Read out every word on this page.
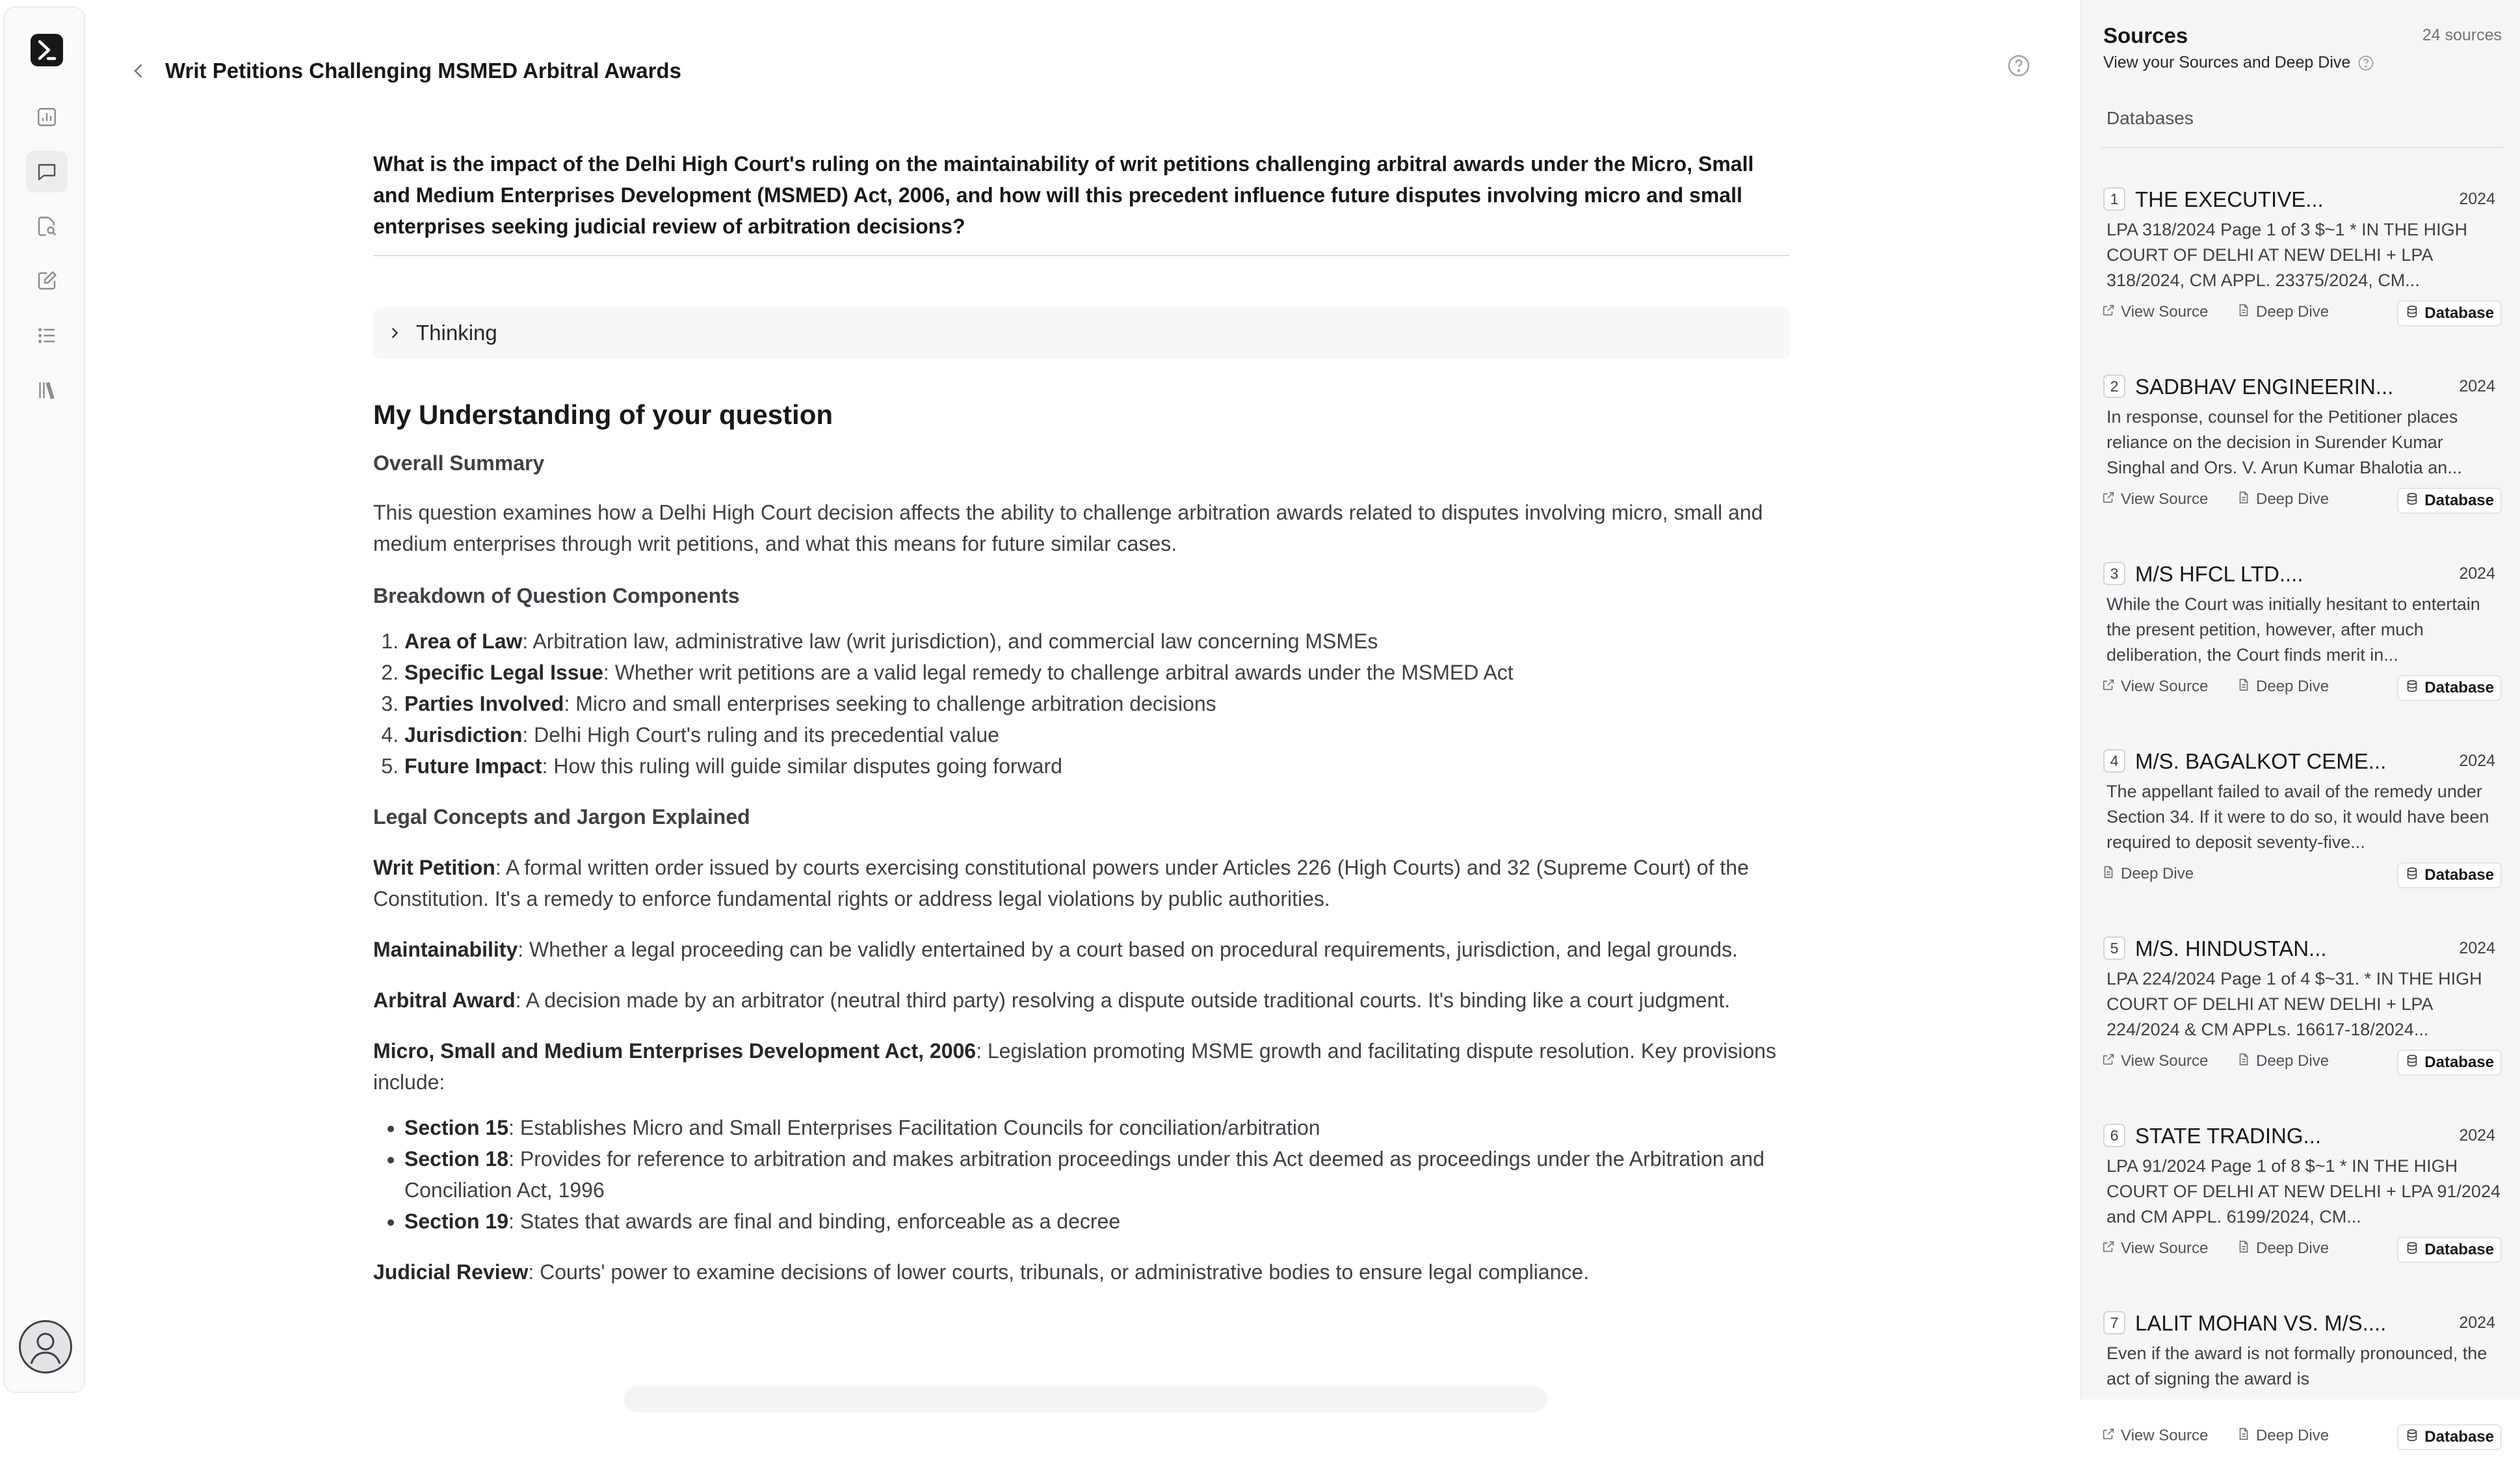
Writ Petitions Challenging MSMED Arbitral Awards

What is the impact of the Delhi High Court's ruling on the maintainability of writ petitions challenging arbitral awards under the Micro, Small and Medium Enterprises Development (MSMED) Act, 2006, and how will this precedent influence future disputes involving micro and small enterprises seeking judicial review of arbitration decisions?

Thinking
My Understanding of your question
Overall Summary

This question examines how a Delhi High Court decision affects the ability to challenge arbitration awards related to disputes involving micro, small and medium enterprises through writ petitions, and what this means for future similar cases.

Breakdown of Question Components
1. Area of Law: Arbitration law, administrative law (writ jurisdiction), and commercial law concerning MSMEs
2. Specific Legal Issue: Whether writ petitions are a valid legal remedy to challenge arbitral awards under the MSMED Act
3. Parties Involved: Micro and small enterprises seeking to challenge arbitration decisions
4. Jurisdiction: Delhi High Court's ruling and its precedential value
5. Future Impact: How this ruling will guide similar disputes going forward
Legal Concepts and Jargon Explained

Writ Petition: A formal written order issued by courts exercising constitutional powers under Articles 226 (High Courts) and 32 (Supreme Court) of the Constitution. It's a remedy to enforce fundamental rights or address legal violations by public authorities.

Maintainability: Whether a legal proceeding can be validly entertained by a court based on procedural requirements, jurisdiction, and legal grounds.

Arbitral Award: A decision made by an arbitrator (neutral third party) resolving a dispute outside traditional courts. It's binding like a court judgment.

Micro, Small and Medium Enterprises Development Act, 2006: Legislation promoting MSME growth and facilitating dispute resolution. Key provisions include:

• Section 15: Establishes Micro and Small Enterprises Facilitation Councils for conciliation/arbitration
• Section 18: Provides for reference to arbitration and makes arbitration proceedings under this Act deemed as proceedings under the Arbitration and Conciliation Act, 1996
• Section 19: States that awards are final and binding, enforceable as a decree

Judicial Review: Courts' power to examine decisions of lower courts, tribunals, or administrative bodies to ensure legal compliance.

Sources	24 sources
View your Sources and Deep Dive
Databases
1 THE EXECUTIVE...	2024
LPA 318/2024 Page 1 of 3 $~1 * IN THE HIGH COURT OF DELHI AT NEW DELHI + LPA 318/2024, CM APPL. 23375/2024, CM...
View Source	Deep Dive	Database
2 SADBHAV ENGINEERIN...	2024
In response, counsel for the Petitioner places reliance on the decision in Surender Kumar Singhal and Ors. V. Arun Kumar Bhalotia an...
View Source	Deep Dive	Database
3 M/S HFCL LTD....	2024
While the Court was initially hesitant to entertain the present petition, however, after much deliberation, the Court finds merit in...
View Source	Deep Dive	Database
4 M/S. BAGALKOT CEME...	2024
The appellant failed to avail of the remedy under Section 34. If it were to do so, it would have been required to deposit seventy-five...
Deep Dive	Database
5 M/S. HINDUSTAN...	2024
LPA 224/2024 Page 1 of 4 $~31. * IN THE HIGH COURT OF DELHI AT NEW DELHI + LPA 224/2024 & CM APPLs. 16617-18/2024...
View Source	Deep Dive	Database
6 STATE TRADING...	2024
LPA 91/2024 Page 1 of 8 $~1 * IN THE HIGH COURT OF DELHI AT NEW DELHI + LPA 91/2024 and CM APPL. 6199/2024, CM...
View Source	Deep Dive	Database
7 LALIT MOHAN VS. M/S....	2024
Even if the award is not formally pronounced, the act of signing the award is
View Source	Deep Dive	Database
